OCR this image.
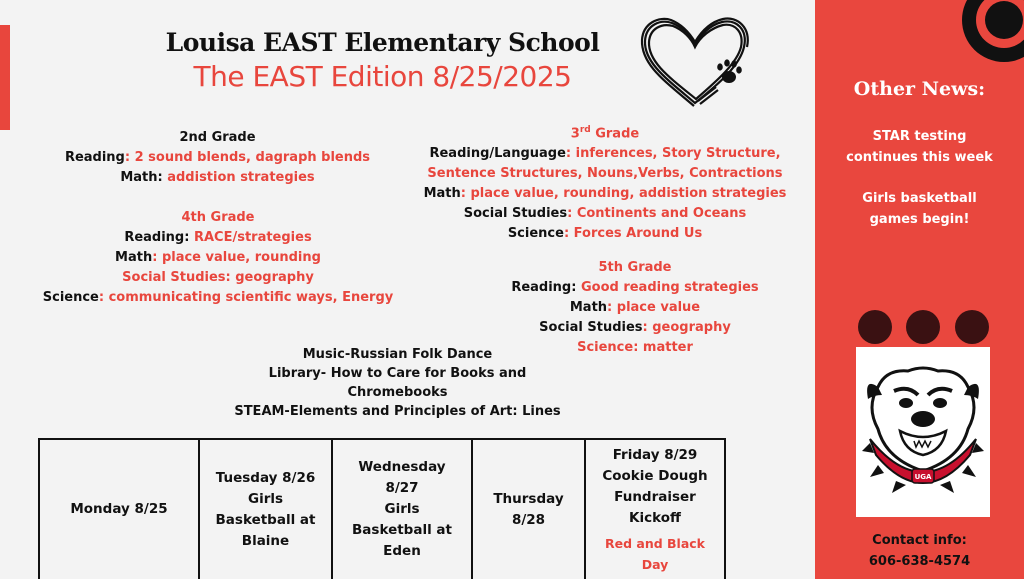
Louisa EAST Elementary School
The EAST Edition 8/25/2025
2nd Grade
Reading: 2 sound blends, dagraph blends
Math: addistion strategies
3rd Grade
Reading/Language: inferences, Story Structure,
Sentence Structures, Nouns,Verbs, Contractions
Math: place value, rounding, addistion strategies
Social Studies: Continents and Oceans
Science: Forces Around Us
4th Grade
Reading: RACE/strategies
Math: place value, rounding
Social Studies: geography
Science: communicating scientific ways, Energy
5th Grade
Reading: Good reading strategies
Math: place value
Social Studies: geography
Science: matter
Music-Russian Folk Dance
Library- How to Care for Books and
Chromebooks
STEAM-Elements and Principles of Art: Lines
Monday 8/25
Tuesday 8/26
Girls
Basketball at
Blaine
Wednesday
8/27
Girls
Basketball at
Eden
Thursday
8/28
Friday 8/29
Cookie Dough
Fundraiser
Kickoff
Red and Black
Day
Other News:
STAR testing
continues this week
Girls basketball
games begin!
UGA
Contact info:
606-638-4574
